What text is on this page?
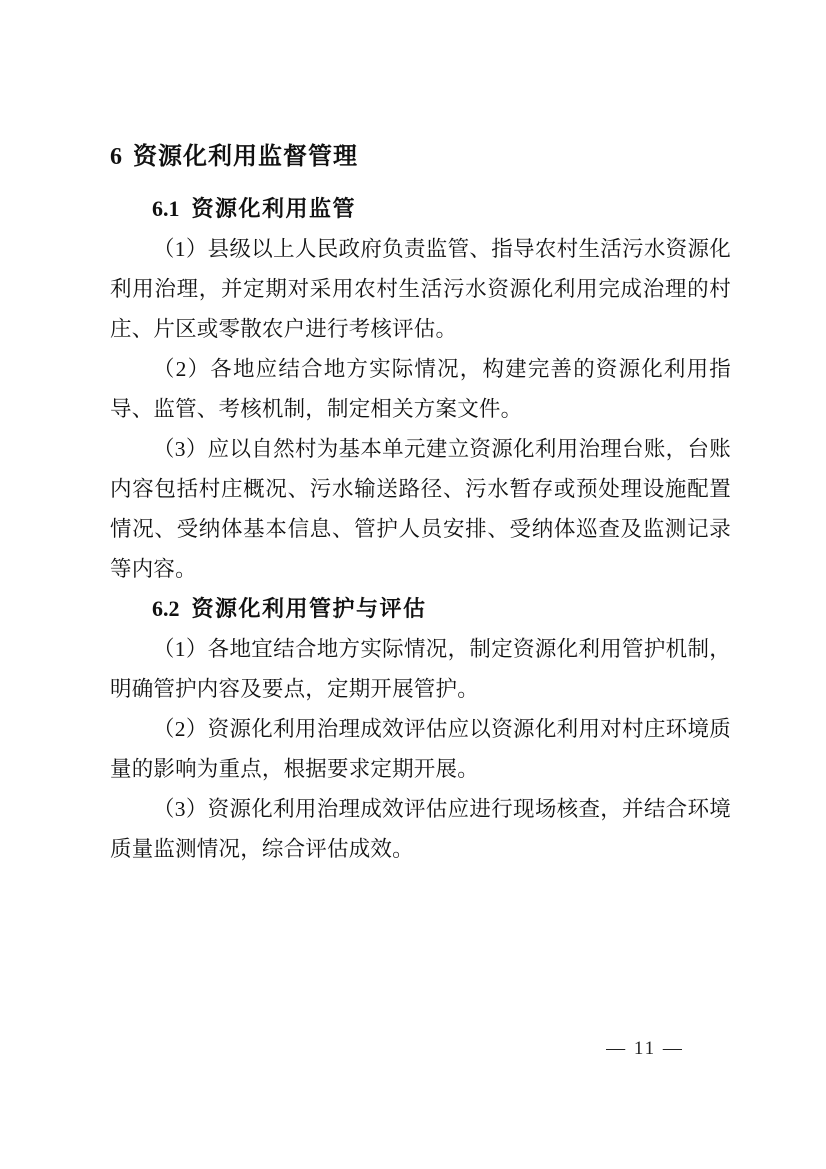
6 资源化利用监督管理
6.1 资源化利用监管

（1）县级以上人民政府负责监管、指导农村生活污水资源化利用治理，并定期对采用农村生活污水资源化利用完成治理的村庄、片区或零散农户进行考核评估。

（2）各地应结合地方实际情况，构建完善的资源化利用指导、监管、考核机制，制定相关方案文件。

（3）应以自然村为基本单元建立资源化利用治理台账，台账内容包括村庄概况、污水输送路径、污水暂存或预处理设施配置情况、受纳体基本信息、管护人员安排、受纳体巡查及监测记录等内容。

6.2 资源化利用管护与评估

（1）各地宜结合地方实际情况，制定资源化利用管护机制，明确管护内容及要点，定期开展管护。

（2）资源化利用治理成效评估应以资源化利用对村庄环境质量的影响为重点，根据要求定期开展。

（3）资源化利用治理成效评估应进行现场核查，并结合环境质量监测情况，综合评估成效。

— 11 —
